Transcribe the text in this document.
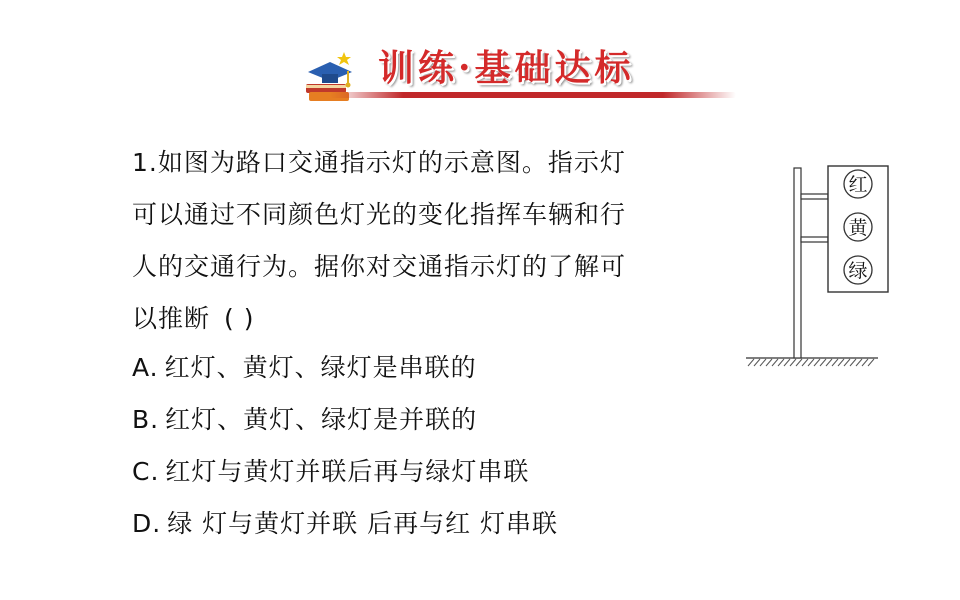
训练·基础达标
1.如图为路口交通指示灯的示意图。指示灯
可以通过不同颜色灯光的变化指挥车辆和行
人的交通行为。据你对交通指示灯的了解可
以推断 ( )
A. 红灯、黄灯、绿灯是串联的
B. 红灯、黄灯、绿灯是并联的
C. 红灯与黄灯并联后再与绿灯串联
D. 绿 灯与黄灯并联 后再与红 灯串联
红
黄
绿
